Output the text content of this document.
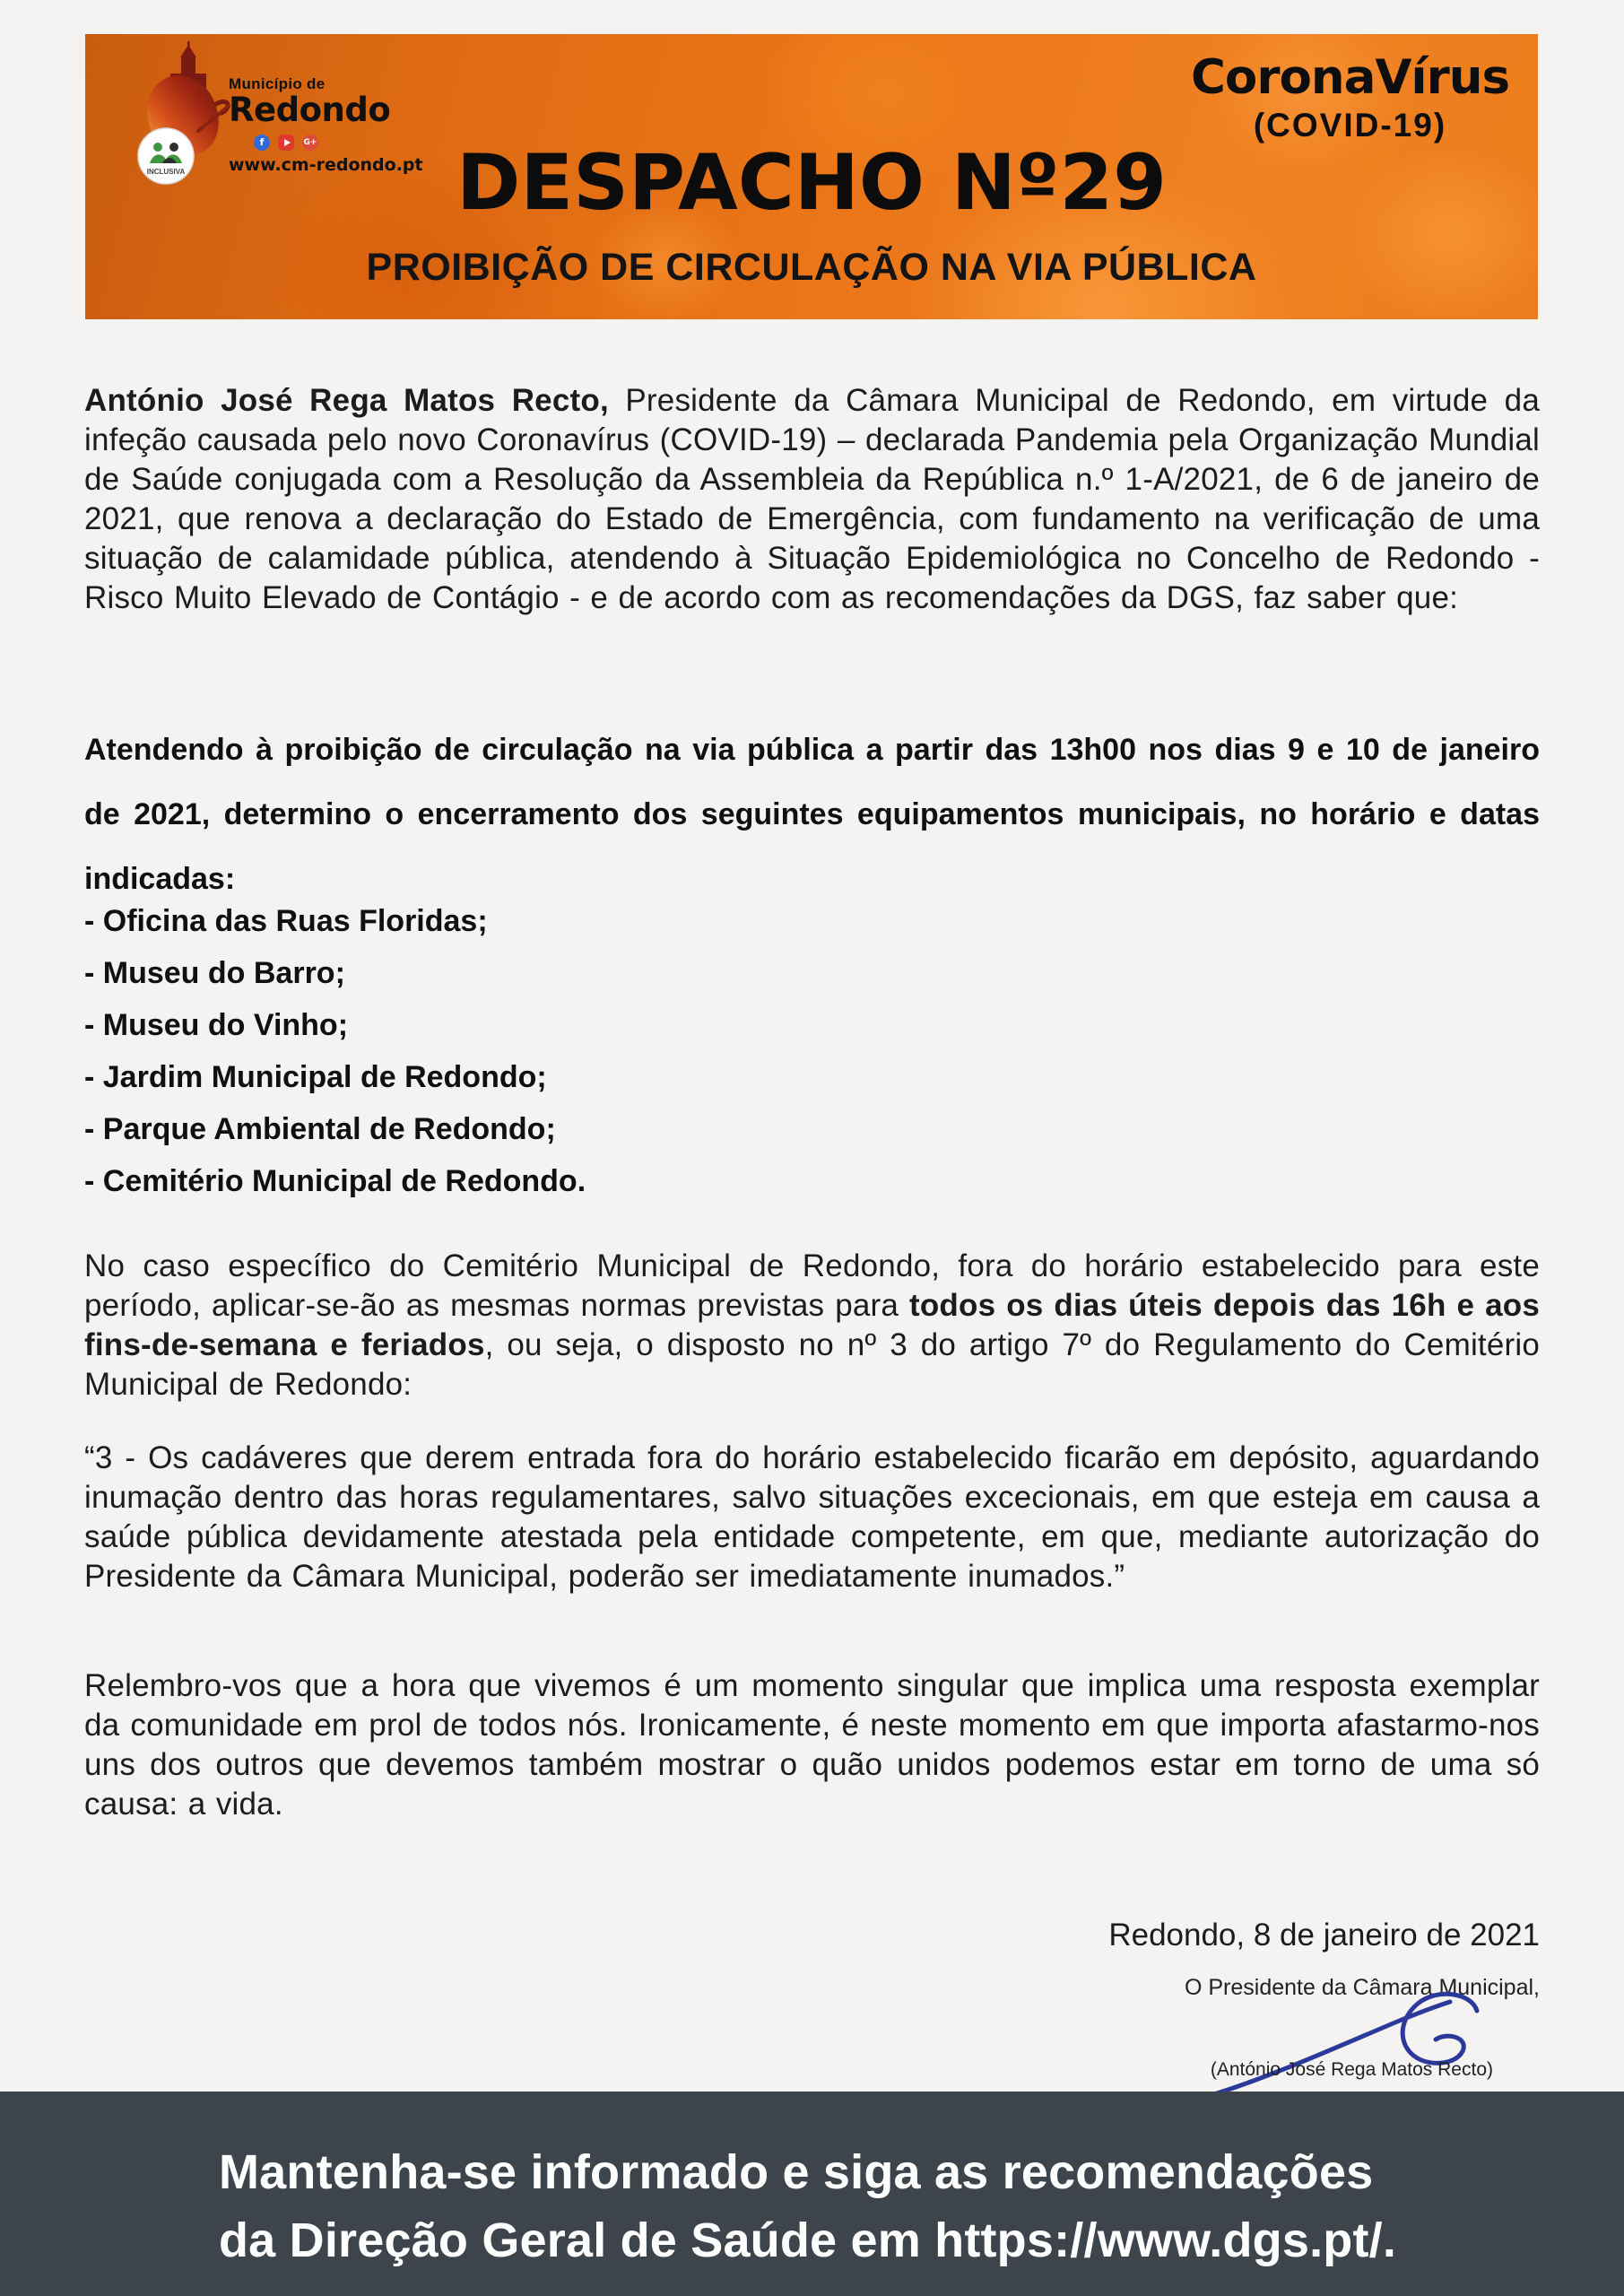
INCLUSIVA
Município de
Redondo
f	G+
www.cm-redondo.pt
CoronaVírus
(COVID-19)
DESPACHO Nº29
PROIBIÇÃO DE CIRCULAÇÃO NA VIA PÚBLICA
António José Rega Matos Recto, Presidente da Câmara Municipal de Redondo, em virtude da infeção causada pelo novo Coronavírus (COVID-19) – declarada Pandemia pela Organização Mundial de Saúde conjugada com a Resolução da Assembleia da República n.º 1-A/2021, de 6 de janeiro de 2021, que renova a declaração do Estado de Emergência, com fundamento na verificação de uma situação de calamidade pública, atendendo à Situação Epidemiológica no Concelho de Redondo - Risco Muito Elevado de Contágio - e de acordo com as recomendações da DGS, faz saber que:
Atendendo à proibição de circulação na via pública a partir das 13h00 nos dias 9 e 10 de janeiro de 2021, determino o encerramento dos seguintes equipamentos municipais, no horário e datas indicadas:
- Oficina das Ruas Floridas;
- Museu do Barro;
- Museu do Vinho;
- Jardim Municipal de Redondo;
- Parque Ambiental de Redondo;
- Cemitério Municipal de Redondo.
No caso específico do Cemitério Municipal de Redondo, fora do horário estabelecido para este período, aplicar-se-ão as mesmas normas previstas para todos os dias úteis depois das 16h e aos fins-de-semana e feriados, ou seja, o disposto no nº 3 do artigo 7º do Regulamento do Cemitério Municipal de Redondo:
“3 - Os cadáveres que derem entrada fora do horário estabelecido ficarão em depósito, aguardando inumação dentro das horas regulamentares, salvo situações excecionais, em que esteja em causa a saúde pública devidamente atestada pela entidade competente, em que, mediante autorização do Presidente da Câmara Municipal, poderão ser imediatamente inumados.”
Relembro-vos que a hora que vivemos é um momento singular que implica uma resposta exemplar da comunidade em prol de todos nós. Ironicamente, é neste momento em que importa afastarmo-nos uns dos outros que devemos também mostrar o quão unidos podemos estar em torno de uma só causa: a vida.
Redondo, 8 de janeiro de 2021
O Presidente da Câmara Municipal,
(António José Rega Matos Recto)
Mantenha-se informado e siga as recomendações
da Direção Geral de Saúde em https://www.dgs.pt/.
